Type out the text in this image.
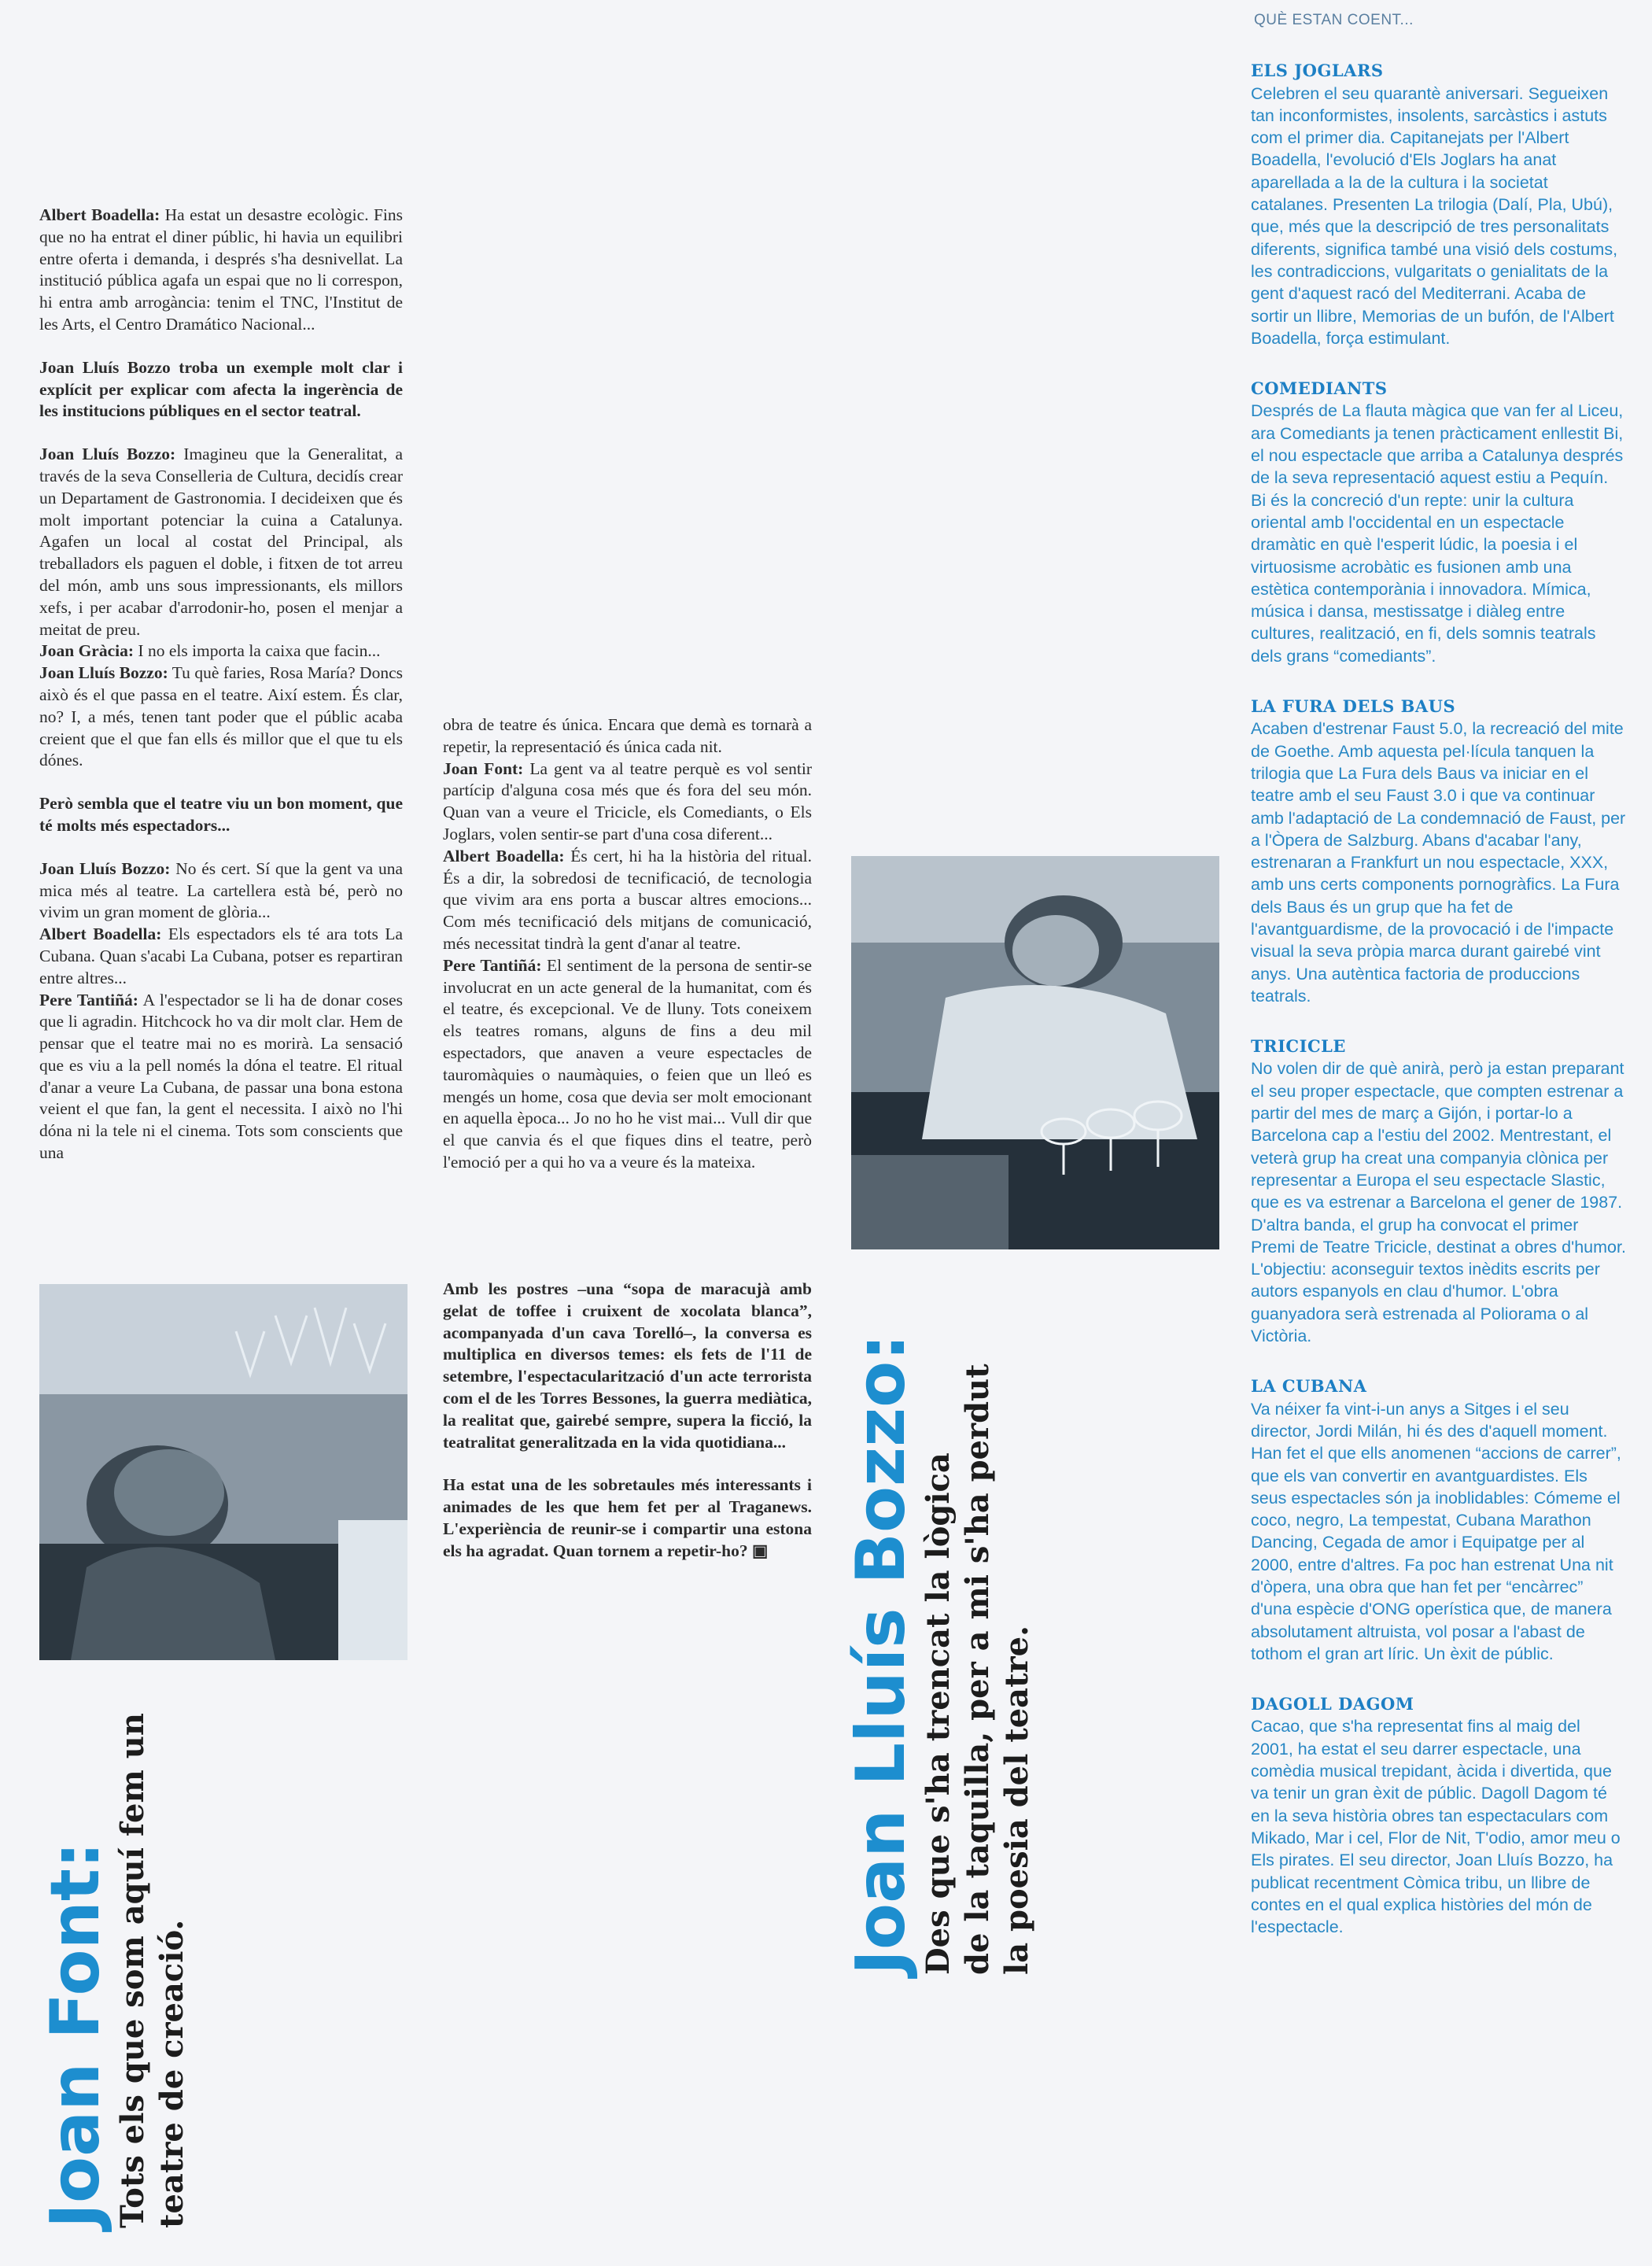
Albert Boadella: Ha estat un desastre ecològic. Fins que no ha entrat el diner públic, hi havia un equilibri entre oferta i demanda, i després s'ha desnivellat. La institució pública agafa un espai que no li correspon, hi entra amb arrogància: tenim el TNC, l'Institut de les Arts, el Centro Dramático Nacional...

Joan Lluís Bozzo troba un exemple molt clar i explícit per explicar com afecta la ingerència de les institucions públiques en el sector teatral.

Joan Lluís Bozzo: Imagineu que la Generalitat, a través de la seva Conselleria de Cultura, decidís crear un Departament de Gastronomia. I decideixen que és molt important potenciar la cuina a Catalunya. Agafen un local al costat del Principal, als treballadors els paguen el doble, i fitxen de tot arreu del món, amb uns sous impressionants, els millors xefs, i per acabar d'arrodonir-ho, posen el menjar a meitat de preu.

Joan Gràcia: I no els importa la caixa que facin...

Joan Lluís Bozzo: Tu què faries, Rosa María? Doncs això és el que passa en el teatre. Així estem. És clar, no? I, a més, tenen tant poder que el públic acaba creient que el que fan ells és millor que el que tu els dónes.

Però sembla que el teatre viu un bon moment, que té molts més espectadors...

Joan Lluís Bozzo: No és cert. Sí que la gent va una mica més al teatre. La cartellera està bé, però no vivim un gran moment de glòria...

Albert Boadella: Els espectadors els té ara tots La Cubana. Quan s'acabi La Cubana, potser es repartiran entre altres...

Pere Tantiñá: A l'espectador se li ha de donar coses que li agradin. Hitchcock ho va dir molt clar. Hem de pensar que el teatre mai no es morirà. La sensació que es viu a la pell només la dóna el teatre. El ritual d'anar a veure La Cubana, de passar una bona estona veient el que fan, la gent el necessita. I això no l'hi dóna ni la tele ni el cinema. Tots som conscients que una

obra de teatre és única. Encara que demà es tornarà a repetir, la representació és única cada nit.

Joan Font: La gent va al teatre perquè es vol sentir partícip d'alguna cosa més que és fora del seu món. Quan van a veure el Tricicle, els Comediants, o Els Joglars, volen sentir-se part d'una cosa diferent...

Albert Boadella: És cert, hi ha la història del ritual. És a dir, la sobredosi de tecnificació, de tecnologia que vivim ara ens porta a buscar altres emocions... Com més tecnificació dels mitjans de comunicació, més necessitat tindrà la gent d'anar al teatre.

Pere Tantiñá: El sentiment de la persona de sentir-se involucrat en un acte general de la humanitat, com és el teatre, és excepcional. Ve de lluny. Tots coneixem els teatres romans, alguns de fins a deu mil espectadors, que anaven a veure espectacles de tauromàquies o naumàquies, o feien que un lleó es mengés un home, cosa que devia ser molt emocionant en aquella època... Jo no ho he vist mai... Vull dir que el que canvia és el que fiques dins el teatre, però l'emoció per a qui ho va a veure és la mateixa.

Amb les postres –una “sopa de maracujà amb gelat de toffee i cruixent de xocolata blanca”, acompanyada d'un cava Torelló–, la conversa es multiplica en diversos temes: els fets de l'11 de setembre, l'espectacularització d'un acte terrorista com el de les Torres Bessones, la guerra mediàtica, la realitat que, gairebé sempre, supera la ficció, la teatralitat generalitzada en la vida quotidiana...

Ha estat una de les sobretaules més interessants i animades de les que hem fet per al Traganews. L'experiència de reunir-se i compartir una estona els ha agradat. Quan tornem a repetir-ho? ▣

Joan Font: Tots els que som aquí fem un teatre de creació.
Joan Lluís Bozzo: Des que s'ha trencat la lògica de la taquilla, per a mi s'ha perdut la poesia del teatre.
QUÈ ESTAN COENT...
ELS JOGLARS

Celebren el seu quarantè aniversari. Segueixen tan inconformistes, insolents, sarcàstics i astuts com el primer dia. Capitanejats per l'Albert Boadella, l'evolució d'Els Joglars ha anat aparellada a la de la cultura i la societat catalanes. Presenten La trilogia (Dalí, Pla, Ubú), que, més que la descripció de tres personalitats diferents, significa també una visió dels costums, les contradiccions, vulgaritats o genialitats de la gent d'aquest racó del Mediterrani. Acaba de sortir un llibre, Memorias de un bufón, de l'Albert Boadella, força estimulant.

COMEDIANTS

Després de La flauta màgica que van fer al Liceu, ara Comediants ja tenen pràcticament enllestit Bi, el nou espectacle que arriba a Catalunya després de la seva representació aquest estiu a Pequín. Bi és la concreció d'un repte: unir la cultura oriental amb l'occidental en un espectacle dramàtic en què l'esperit lúdic, la poesia i el virtuosisme acrobàtic es fusionen amb una estètica contemporània i innovadora. Mímica, música i dansa, mestissatge i diàleg entre cultures, realització, en fi, dels somnis teatrals dels grans “comediants”.

LA FURA DELS BAUS

Acaben d'estrenar Faust 5.0, la recreació del mite de Goethe. Amb aquesta pel·lícula tanquen la trilogia que La Fura dels Baus va iniciar en el teatre amb el seu Faust 3.0 i que va continuar amb l'adaptació de La condemnació de Faust, per a l'Òpera de Salzburg. Abans d'acabar l'any, estrenaran a Frankfurt un nou espectacle, XXX, amb uns certs components pornogràfics. La Fura dels Baus és un grup que ha fet de l'avantguardisme, de la provocació i de l'impacte visual la seva pròpia marca durant gairebé vint anys. Una autèntica factoria de produccions teatrals.

TRICICLE

No volen dir de què anirà, però ja estan preparant el seu proper espectacle, que compten estrenar a partir del mes de març a Gijón, i portar-lo a Barcelona cap a l'estiu del 2002. Mentrestant, el veterà grup ha creat una companyia clònica per representar a Europa el seu espectacle Slastic, que es va estrenar a Barcelona el gener de 1987. D'altra banda, el grup ha convocat el primer Premi de Teatre Tricicle, destinat a obres d'humor. L'objectiu: aconseguir textos inèdits escrits per autors espanyols en clau d'humor. L'obra guanyadora serà estrenada al Poliorama o al Victòria.

LA CUBANA

Va néixer fa vint-i-un anys a Sitges i el seu director, Jordi Milán, hi és des d'aquell moment. Han fet el que ells anomenen “accions de carrer”, que els van convertir en avantguardistes. Els seus espectacles són ja inoblidables: Cómeme el coco, negro, La tempestat, Cubana Marathon Dancing, Cegada de amor i Equipatge per al 2000, entre d'altres. Fa poc han estrenat Una nit d'òpera, una obra que han fet per “encàrrec” d'una espècie d'ONG operística que, de manera absolutament altruista, vol posar a l'abast de tothom el gran art líric. Un èxit de públic.

DAGOLL DAGOM

Cacao, que s'ha representat fins al maig del 2001, ha estat el seu darrer espectacle, una comèdia musical trepidant, àcida i divertida, que va tenir un gran èxit de públic. Dagoll Dagom té en la seva història obres tan espectaculars com Mikado, Mar i cel, Flor de Nit, T'odio, amor meu o Els pirates. El seu director, Joan Lluís Bozzo, ha publicat recentment Còmica tribu, un llibre de contes en el qual explica històries del món de l'espectacle.
